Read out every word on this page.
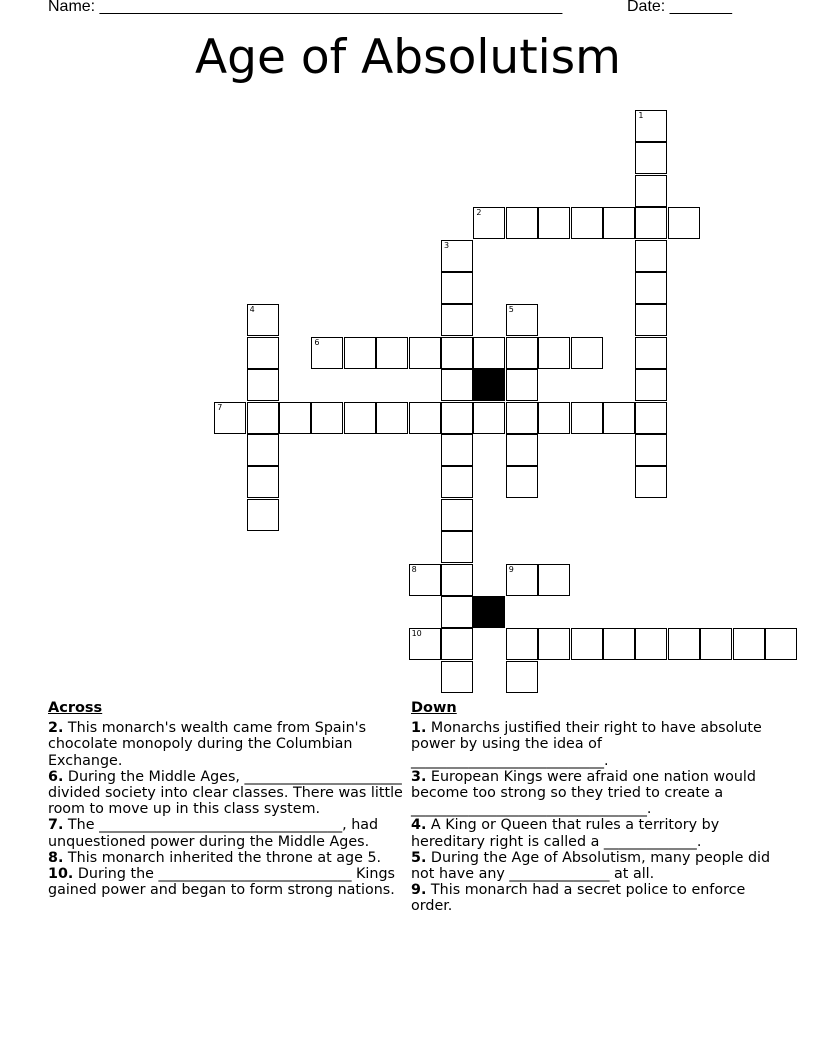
Name: ____________________________________________________	Date: _______
Age of Absolutism
1
2
3
4	5
6
7
8	9
10
Across
2. This monarch's wealth came from Spain's chocolate monopoly during the Columbian Exchange.
6. During the Middle Ages, ______________________ divided society into clear classes. There was little room to move up in this class system.
7. The __________________________________, had unquestioned power during the Middle Ages.
8. This monarch inherited the throne at age 5.
10. During the ___________________________ Kings gained power and began to form strong nations.
Down
1. Monarchs justified their right to have absolute power by using the idea of ___________________________.
3. European Kings were afraid one nation would become too strong so they tried to create a _________________________________.
4. A King or Queen that rules a territory by hereditary right is called a _____________.
5. During the Age of Absolutism, many people did not have any ______________ at all.
9. This monarch had a secret police to enforce order.
